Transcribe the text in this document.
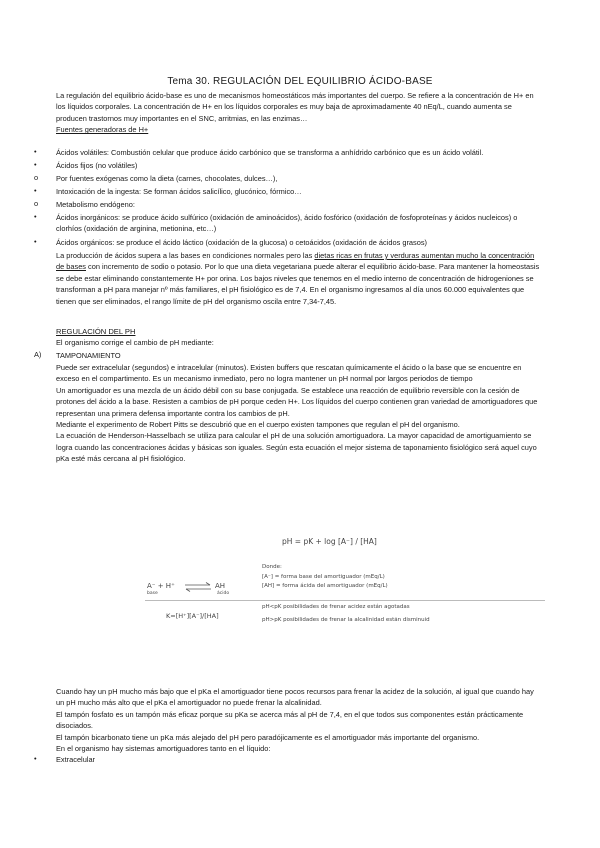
Tema 30. REGULACIÓN DEL EQUILIBRIO ÁCIDO-BASE

La regulación del equilibrio ácido-base es uno de mecanismos homeostáticos más importantes del cuerpo. Se refiere a la concentración de H+ en los líquidos corporales. La concentración de H+ en los líquidos corporales es muy baja de aproximadamente 40 nEq/L, cuando aumenta se producen trastornos muy importantes en el SNC, arritmias, en las enzimas…

Fuentes generadoras de H+

•	Ácidos volátiles: Combustión celular que produce ácido carbónico que se transforma a anhídrido carbónico que es un ácido volátil.
•	Ácidos fijos (no volátiles)
o Por fuentes exógenas como la dieta (carnes, chocolates, dulces…),
•	Intoxicación de la ingesta: Se forman ácidos salicílico, glucónico, fórmico…
o Metabolismo endógeno:
•	Ácidos inorgánicos: se produce ácido sulfúrico (oxidación de aminoácidos), ácido fosfórico (oxidación de fosfoproteínas y ácidos nucleicos) o clorhíos (oxidación de arginina, metionina, etc…)
•	Ácidos orgánicos: se produce el ácido láctico (oxidación de la glucosa) o cetoácidos (oxidación de ácidos grasos)

La producción de ácidos supera a las bases en condiciones normales pero las dietas ricas en frutas y verduras aumentan mucho la concentración de bases con incremento de sodio o potasio. Por lo que una dieta vegetariana puede alterar el equilibrio ácido-base. Para mantener la homeostasis se debe estar eliminando constantemente H+ por orina. Los bajos niveles que tenemos en el medio interno de concentración de hidrogeniones se transforman a pH para manejar nº más familiares, el pH fisiológico es de 7,4. En el organismo ingresamos al día unos 60.000 equivalentes que tienen que ser eliminados, el rango límite de pH del organismo oscila entre 7,34-7,45.

REGULACIÓN DEL PH

El organismo corrige el cambio de pH mediante:

A) TAMPONAMIENTO

Puede ser extracelular (segundos) e intracelular (minutos). Existen buffers que rescatan químicamente el ácido o la base que se encuentre en exceso en el compartimento. Es un mecanismo inmediato, pero no logra mantener un pH normal por largos periodos de tiempo

Un amortiguador es una mezcla de un ácido débil con su base conjugada. Se establece una reacción de equilibrio reversible con la cesión de protones del ácido a la base. Resisten a cambios de pH porque ceden H+. Los líquidos del cuerpo contienen gran variedad de amortiguadores que representan una primera defensa importante contra los cambios de pH.

Mediante el experimento de Robert Pitts se descubrió que en el cuerpo existen tampones que regulan el pH del organismo.

La ecuación de Henderson-Hasselbach se utiliza para calcular el pH de una solución amortiguadora. La mayor capacidad de amortiguamiento se logra cuando las concentraciones ácidas y básicas son iguales. Según esta ecuación el mejor sistema de taponamiento fisiológico será aquel cuyo pKa esté más cercana al pH fisiológico.

pH = pK + log [A⁻] / [HA]
A⁻ + H⁺
base
⇌ AH
ácido
Donde:
[A⁻] = forma base del amortiguador (mEq/L)
[AH] = forma ácida del amortiguador (mEq/L)
K=[H⁺][A⁻]/[HA]
pH<pK posibilidades de frenar acidez están agotadas
pH>pK posibilidades de frenar la alcalinidad están disminuid

Cuando hay un pH mucho más bajo que el pKa el amortiguador tiene pocos recursos para frenar la acidez de la solución, al igual que cuando hay un pH mucho más alto que el pKa el amortiguador no puede frenar la alcalinidad.

El tampón fosfato es un tampón más eficaz porque su pKa se acerca más al pH de 7,4, en el que todos sus componentes están prácticamente disociados.

El tampón bicarbonato tiene un pKa más alejado del pH pero paradójicamente es el amortiguador más importante del organismo.

En el organismo hay sistemas amortiguadores tanto en el líquido:

•	Extracelular
